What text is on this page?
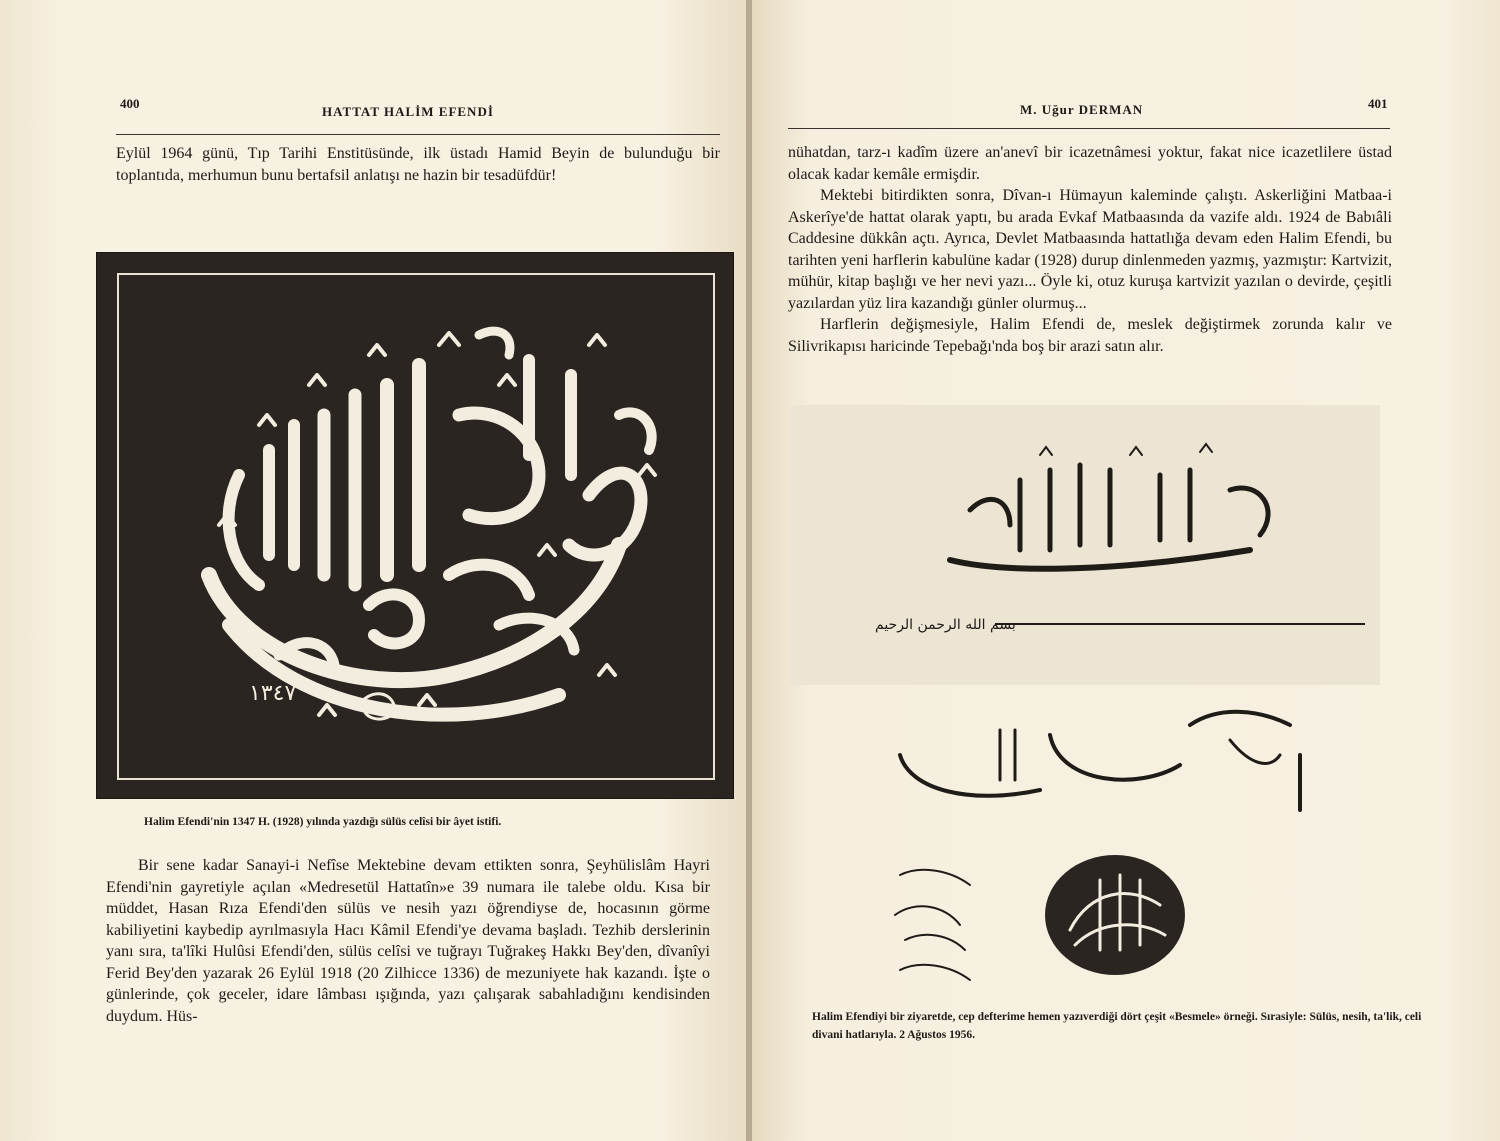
400
HATTAT HALİM EFENDİ

Eylül 1964 günü, Tıp Tarihi Enstitüsünde, ilk üstadı Hamid Beyin de bulunduğu bir toplantıda, merhumun bunu bertafsil anlatışı ne hazin bir tesadüfdür!

١٣٤٧

Halim Efendi'nin 1347 H. (1928) yılında yazdığı sülüs celîsi bir âyet istifi.

Bir sene kadar Sanayi-i Nefîse Mektebine devam ettikten sonra, Şeyhülislâm Hayri Efendi'nin gayretiyle açılan «Medresetül Hattatîn»e 39 numara ile talebe oldu. Kısa bir müddet, Hasan Rıza Efendi'den sülüs ve nesih yazı öğrendiyse de, hocasının görme kabiliyetini kaybedip ayrılmasıyla Hacı Kâmil Efendi'ye devama başladı. Tezhib derslerinin yanı sıra, ta'lîki Hulûsi Efendi'den, sülüs celîsi ve tuğrayı Tuğrakeş Hakkı Bey'den, dîvanîyi Ferid Bey'den yazarak 26 Eylül 1918 (20 Zilhicce 1336) de mezuniyete hak kazandı. İşte o günlerinde, çok geceler, idare lâmbası ışığında, yazı çalışarak sabahladığını kendisinden duydum. Hüs-

M. Uğur DERMAN	401

nühatdan, tarz-ı kadîm üzere an'anevî bir icazetnâmesi yoktur, fakat nice icazetlilere üstad olacak kadar kemâle ermişdir.

Mektebi bitirdikten sonra, Dîvan-ı Hümayun kaleminde çalıştı. Askerliğini Matbaa-i Askerîye'de hattat olarak yaptı, bu arada Evkaf Matbaasında da vazife aldı. 1924 de Babıâli Caddesine dükkân açtı. Ayrıca, Devlet Matbaasında hattatlığa devam eden Halim Efendi, bu tarihten yeni harflerin kabulüne kadar (1928) durup dinlenmeden yazmış, yazmıştır: Kartvizit, mühür, kitap başlığı ve her nevi yazı... Öyle ki, otuz kuruşa kartvizit yazılan o devirde, çeşitli yazılardan yüz lira kazandığı günler olurmuş...

Harflerin değişmesiyle, Halim Efendi de, meslek değiştirmek zorunda kalır ve Silivrikapısı haricinde Tepebağı'nda boş bir arazi satın alır.

بسم الله الرحمن الرحيم

Halim Efendiyi bir ziyaretde, cep defterime hemen yazıverdiği dört çeşit «Besmele» örneği. Sırasiyle: Sülüs, nesih, ta'lik, celi divani hatlarıyla. 2 Ağustos 1956.
